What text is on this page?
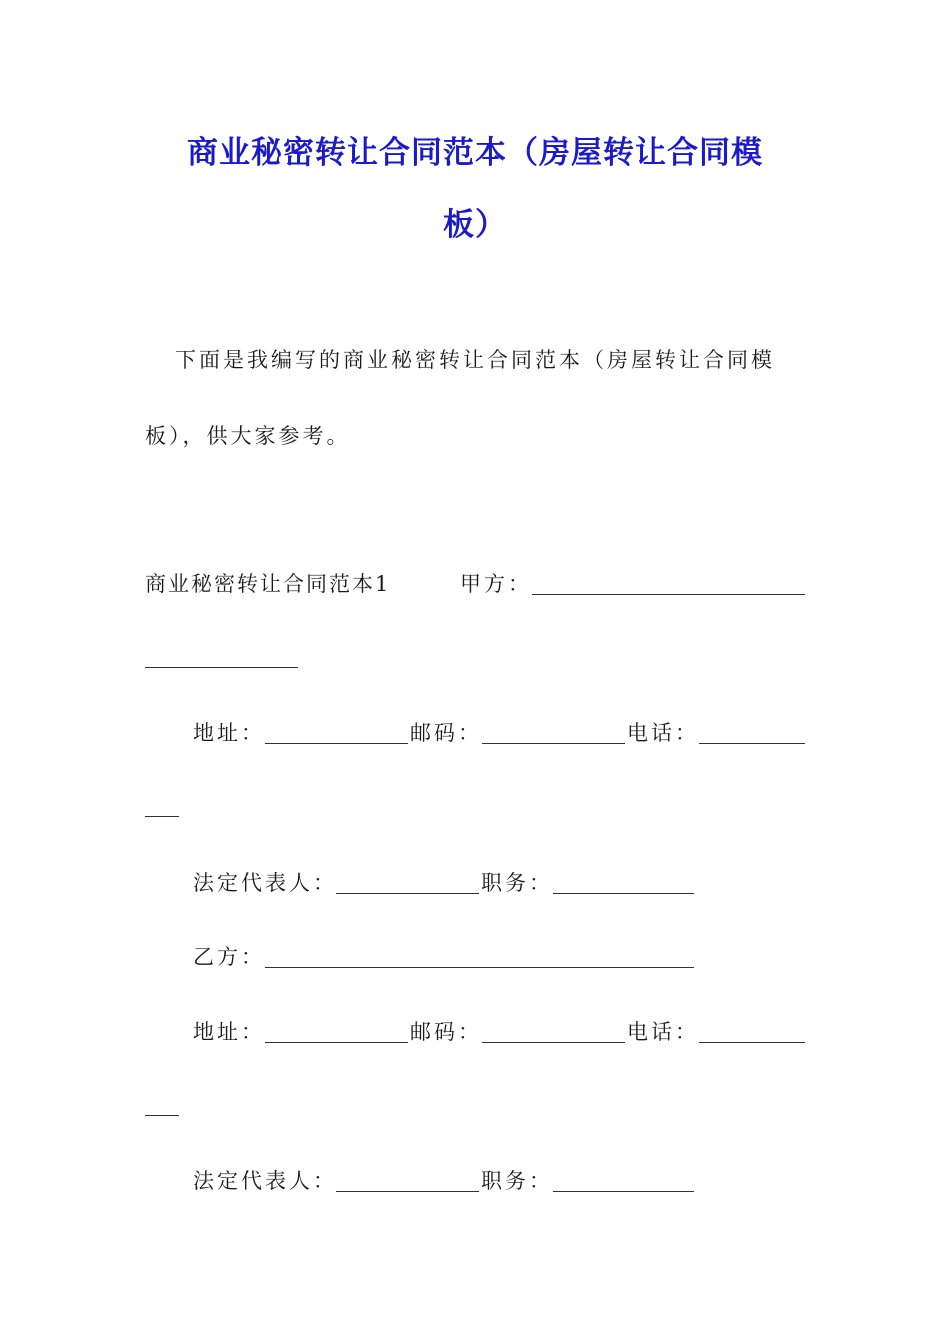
商业秘密转让合同范本（房屋转让合同模
板）
下面是我编写的商业秘密转让合同范本（房屋转让合同模
板），供大家参考。
商业秘密转让合同范本1	甲方：
地址：	邮码：	电话：
法定代表人：	职务：
乙方：
地址：	邮码：	电话：
法定代表人：	职务：
